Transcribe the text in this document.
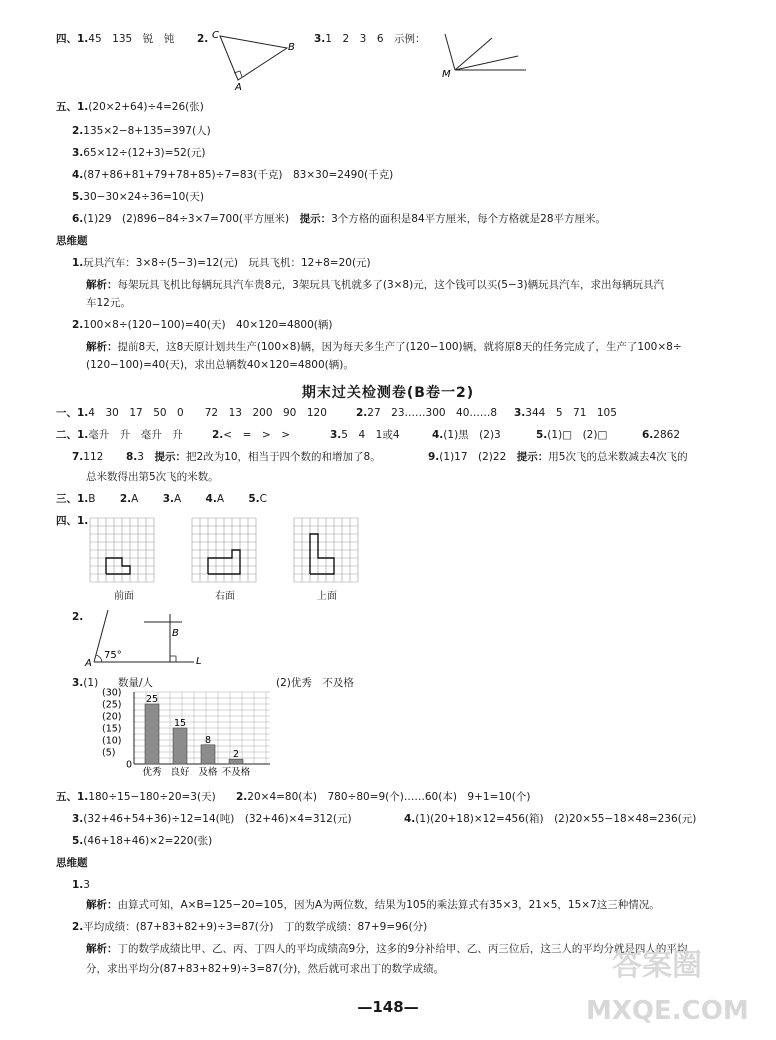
四、1.45　135　锐　钝 2. C
B
A
3.1　2　3　6　示例：
M
五、1.(20×2+64)÷4=26(张)
2.135×2−8+135=397(人)
3.65×12÷(12+3)=52(元)
4.(87+86+81+79+78+85)÷7=83(千克)　83×30=2490(千克)
5.30−30×24÷36=10(天)
6.(1)29　(2)896−84÷3×7=700(平方厘米)　 提示：3个方格的面积是84平方厘米，每个方格就是28平方厘米。
思维题
1.玩具汽车：3×8÷(5−3)=12(元)　玩具飞机：12+8=20(元)
解析：每架玩具飞机比每辆玩具汽车贵8元，3架玩具飞机就多了(3×8)元，这个钱可以买(5−3)辆玩具汽车，求出每辆玩具汽
车12元。
2.100×8÷(120−100)=40(天)　40×120=4800(辆)
解析：提前8天，这8天原计划共生产(100×8)辆，因为每天多生产了(120−100)辆，就将原8天的任务完成了，生产了100×8÷
(120−100)=40(天)，求出总辆数40×120=4800(辆)。
期末过关检测卷(B卷一2)
一、1.4　30　17　50　0　　72　13　200　90　120	2.27　23……300　40……8 3.344　5　71　105
二、1.毫升　升　毫升　升	2.<　=　>　>	3.5　4　1或4	4.(1)黑　(2)3	5.(1)□　(2)□	6.2862
7.112 8.3　 提示：把2改为10，相当于四个数的和增加了8。	9.(1)17　(2)22　 提示：用5次飞的总米数减去4次飞的
总米数得出第5次飞的米数。
三、1.B　　 2.A　　 3.A　　 4.A　　 5.C
四、1.
前面	右面	上面
2.
75°
A
B
L
3.(1)	(2)优秀　不及格
数量/人
(30)
(25)
(20)
(15)
(10)
(5)
0
25
优秀
15
良好
8
及格
2
不及格
五、1.180÷15−180÷20=3(天) 2.20×4=80(本)　780÷80=9(个)……60(本)　9+1=10(个)
3.(32+46+54+36)÷12=14(吨)　(32+46)×4=312(元)	4.(1)(20+18)×12=456(箱)　(2)20×55−18×48=236(元)
5.(46+18+46)×2=220(张)
思维题
1.3
解析：由算式可知，A×B=125−20=105，因为A为两位数，结果为105的乘法算式有35×3，21×5，15×7这三种情况。
2.平均成绩：(87+83+82+9)÷3=87(分)　丁的数学成绩：87+9=96(分)
解析：丁的数学成绩比甲、乙、丙、丁四人的平均成绩高9分，这多的9分补给甲、乙、丙三位后，这三人的平均分就是四人的平均
分，求出平均分(87+83+82+9)÷3=87(分)，然后就可求出丁的数学成绩。
—148—
答案圈
MXQE.COM
